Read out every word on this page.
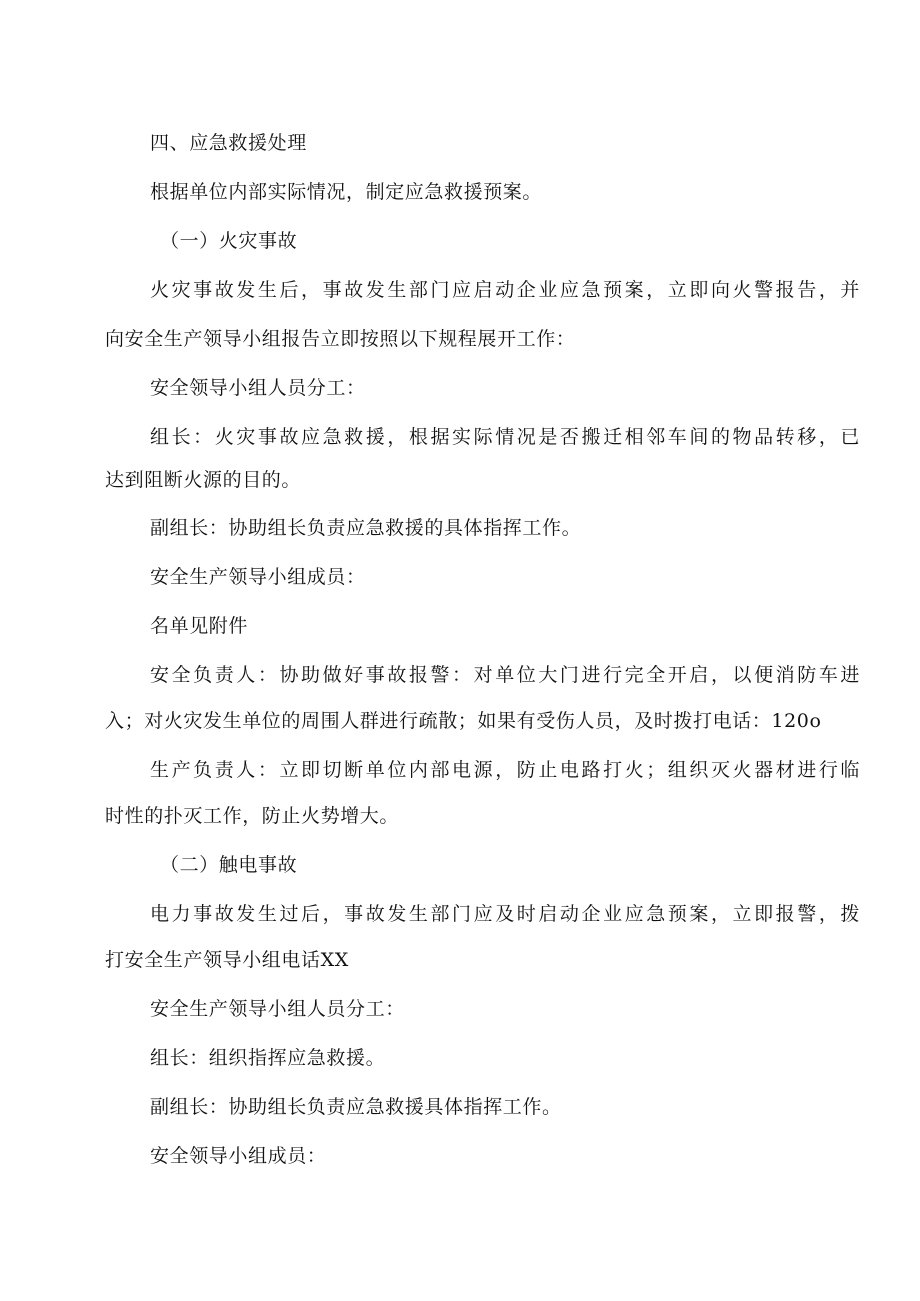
四、应急救援处理
根据单位内部实际情况，制定应急救援预案。
（一）火灾事故
火灾事故发生后，事故发生部门应启动企业应急预案，立即向火警报告，并
向安全生产领导小组报告立即按照以下规程展开工作：
安全领导小组人员分工：
组长：火灾事故应急救援，根据实际情况是否搬迁相邻车间的物品转移，已
达到阻断火源的目的。
副组长：协助组长负责应急救援的具体指挥工作。
安全生产领导小组成员：
名单见附件
安全负责人：协助做好事故报警：对单位大门进行完全开启，以便消防车进
入；对火灾发生单位的周围人群进行疏散；如果有受伤人员，及时拨打电话：120o
生产负责人：立即切断单位内部电源，防止电路打火；组织灭火器材进行临
时性的扑灭工作，防止火势增大。
（二）触电事故
电力事故发生过后，事故发生部门应及时启动企业应急预案，立即报警，拨
打安全生产领导小组电话XX
安全生产领导小组人员分工：
组长：组织指挥应急救援。
副组长：协助组长负责应急救援具体指挥工作。
安全领导小组成员：
